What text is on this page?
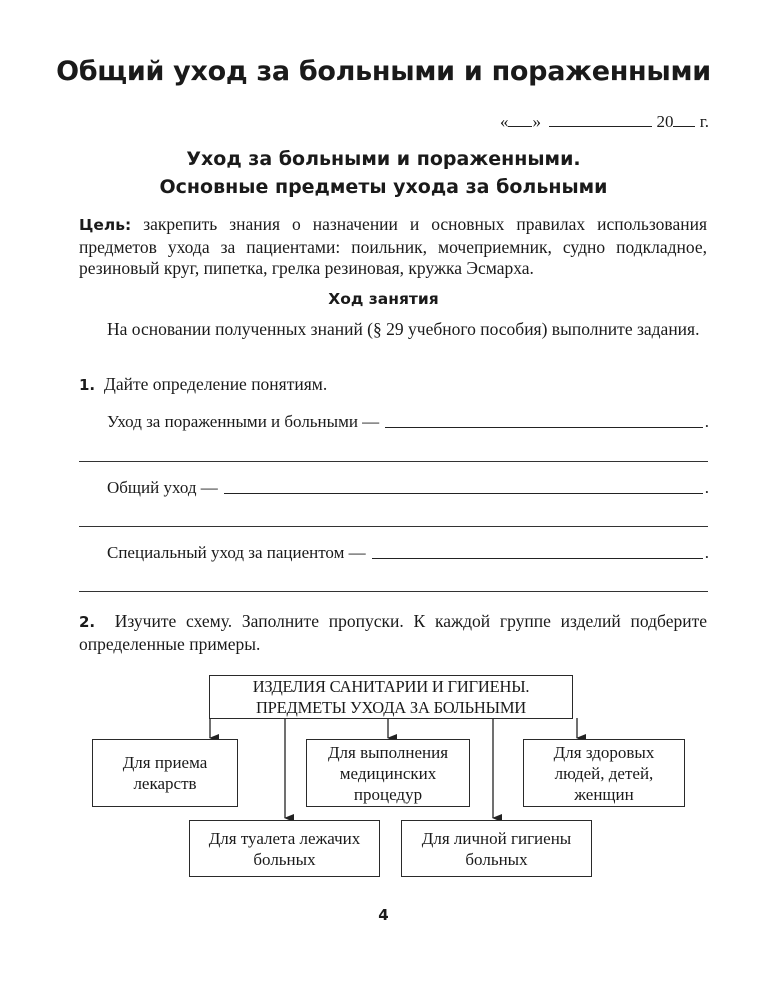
Общий уход за больными и пораженными
« »	20 г.
Уход за больными и пораженными.
Основные предметы ухода за больными
Цель: закрепить знания о назначении и основных правилах использования предметов ухода за пациентами: поильник, мочеприемник, судно подкладное, резиновый круг, пипетка, грелка резиновая, кружка Эсмарха.
Ход занятия
На основании полученных знаний (§ 29 учебного пособия) выполните задания.
1. Дайте определение понятиям.
Уход за пораженными и больными —	.
Общий уход —	.
Специальный уход за пациентом —	.
2. Изучите схему. Заполните пропуски. К каждой группе изделий подберите определенные примеры.
ИЗДЕЛИЯ САНИТАРИИ И ГИГИЕНЫ.
ПРЕДМЕТЫ УХОДА ЗА БОЛЬНЫМИ
Для приема
лекарств
Для выполнения
медицинских
процедур
Для здоровых
людей, детей,
женщин
Для туалета лежачих
больных
Для личной гигиены
больных
4
